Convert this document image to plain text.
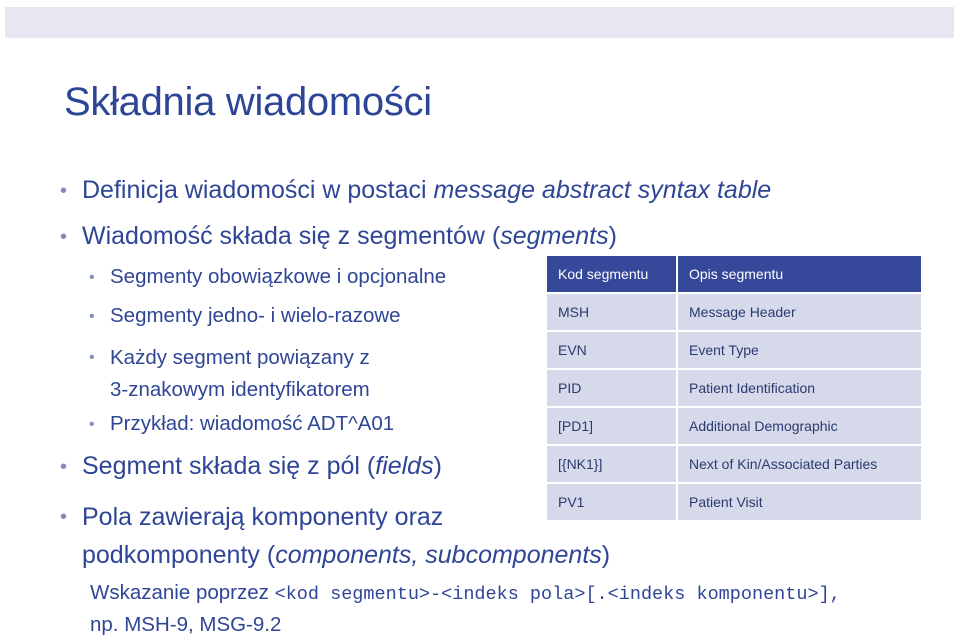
Składnia wiadomości
• Definicja wiadomości w postaci message abstract syntax table
• Wiadomość składa się z segmentów (segments)
• Segmenty obowiązkowe i opcjonalne
• Segmenty jedno- i wielo-razowe
• Każdy segment powiązany z
3-znakowym identyfikatorem
• Przykład: wiadomość ADT^A01
• Segment składa się z pól (fields)
• Pola zawierają komponenty oraz
podkomponenty (components, subcomponents)
Kod segmentu	Opis segmentu
MSH	Message Header
EVN	Event Type
PID	Patient Identification
[PD1]	Additional Demographic
[{NK1}]	Next of Kin/Associated Parties
PV1	Patient Visit
Wskazanie poprzez <kod segmentu>-<indeks pola>[.<indeks komponentu>],
np. MSH-9, MSG-9.2
